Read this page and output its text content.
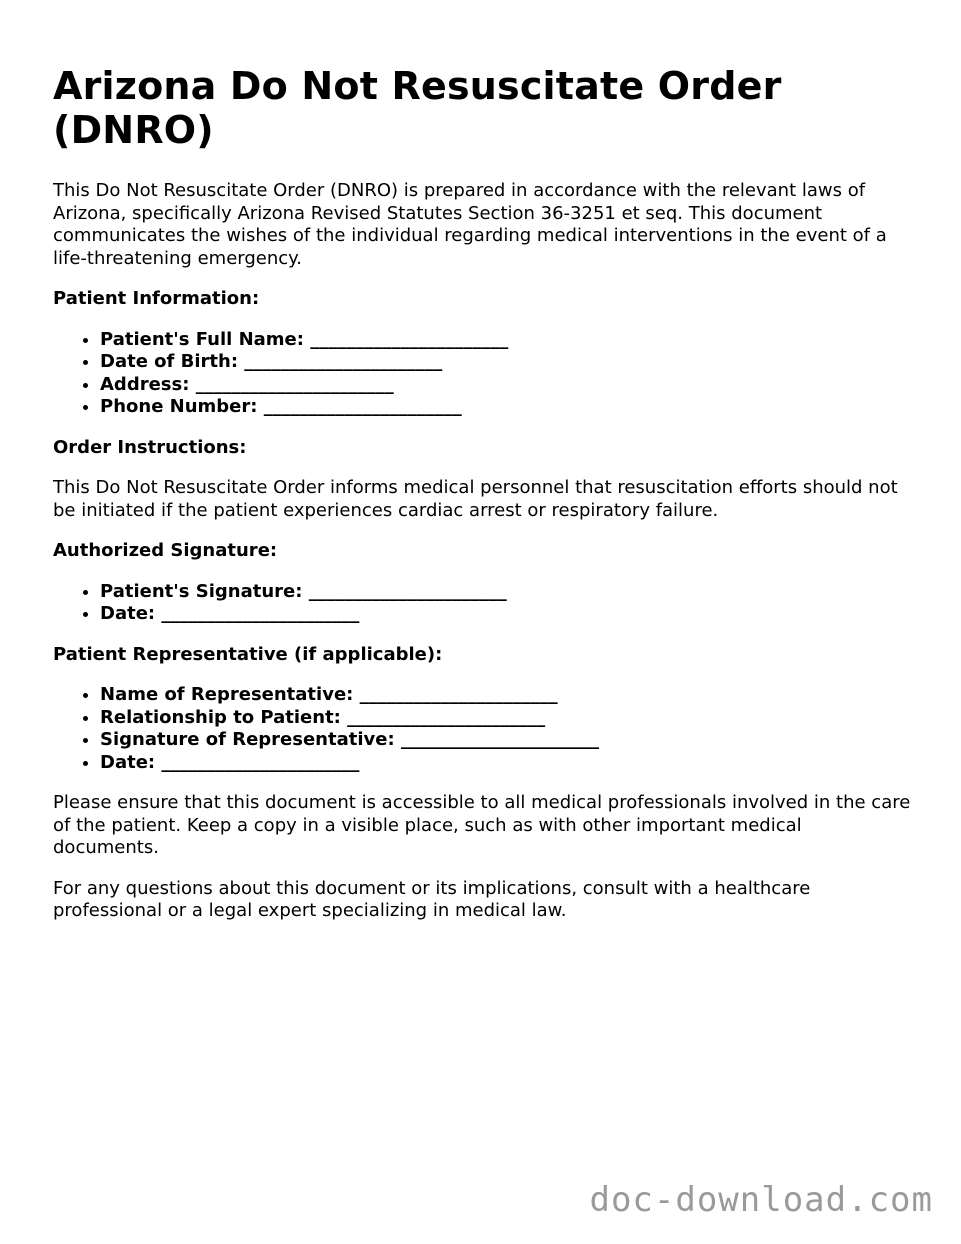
Arizona Do Not Resuscitate Order (DNRO)

This Do Not Resuscitate Order (DNRO) is prepared in accordance with the relevant laws of Arizona, specifically Arizona Revised Statutes Section 36-3251 et seq. This document communicates the wishes of the individual regarding medical interventions in the event of a life-threatening emergency.

Patient Information:
• Patient's Full Name: ______________________
• Date of Birth: ______________________
• Address: ______________________
• Phone Number: ______________________
Order Instructions:

This Do Not Resuscitate Order informs medical personnel that resuscitation efforts should not be initiated if the patient experiences cardiac arrest or respiratory failure.

Authorized Signature:
• Patient's Signature: ______________________
• Date: ______________________
Patient Representative (if applicable):
• Name of Representative: ______________________
• Relationship to Patient: ______________________
• Signature of Representative: ______________________
• Date: ______________________

Please ensure that this document is accessible to all medical professionals involved in the care of the patient. Keep a copy in a visible place, such as with other important medical documents.

For any questions about this document or its implications, consult with a healthcare professional or a legal expert specializing in medical law.

doc-download.com
